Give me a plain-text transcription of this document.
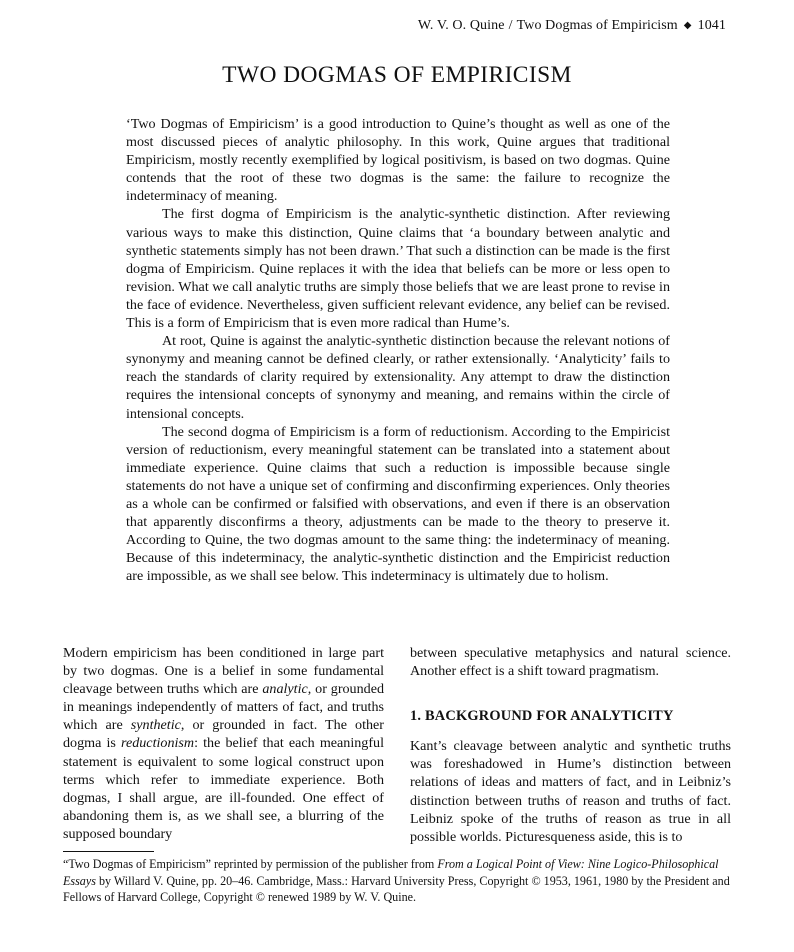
W. V. O. Quine / Two Dogmas of Empiricism ◆ 1041
TWO DOGMAS OF EMPIRICISM

‘Two Dogmas of Empiricism’ is a good introduction to Quine’s thought as well as one of the most discussed pieces of analytic philosophy. In this work, Quine argues that traditional Empiricism, mostly recently exemplified by logical positivism, is based on two dogmas. Quine contends that the root of these two dogmas is the same: the failure to recognize the indeterminacy of meaning.

The first dogma of Empiricism is the analytic-synthetic distinction. After reviewing various ways to make this distinction, Quine claims that ‘a boundary between analytic and synthetic statements simply has not been drawn.’ That such a distinction can be made is the first dogma of Empiricism. Quine replaces it with the idea that beliefs can be more or less open to revision. What we call analytic truths are simply those beliefs that we are least prone to revise in the face of evidence. Nevertheless, given sufficient relevant evidence, any belief can be revised. This is a form of Empiricism that is even more radical than Hume’s.

At root, Quine is against the analytic-synthetic distinction because the relevant notions of synonymy and meaning cannot be defined clearly, or rather extensionally. ‘Analyticity’ fails to reach the standards of clarity required by extensionality. Any attempt to draw the distinction requires the intensional concepts of synonymy and meaning, and remains within the circle of intensional concepts.

The second dogma of Empiricism is a form of reductionism. According to the Empiricist version of reductionism, every meaningful statement can be translated into a statement about immediate experience. Quine claims that such a reduction is impossible because single statements do not have a unique set of confirming and disconfirming experiences. Only theories as a whole can be confirmed or falsified with observations, and even if there is an observation that apparently disconfirms a theory, adjustments can be made to the theory to preserve it. According to Quine, the two dogmas amount to the same thing: the indeterminacy of meaning. Because of this indeterminacy, the analytic-synthetic distinction and the Empiricist reduction are impossible, as we shall see below. This indeterminacy is ultimately due to holism.

Modern empiricism has been conditioned in large part by two dogmas. One is a belief in some fundamental cleavage between truths which are analytic, or grounded in meanings independently of matters of fact, and truths which are synthetic, or grounded in fact. The other dogma is reductionism: the belief that each meaningful statement is equivalent to some logical construct upon terms which refer to immediate experience. Both dogmas, I shall argue, are ill-founded. One effect of abandoning them is, as we shall see, a blurring of the supposed boundary

between speculative metaphysics and natural science. Another effect is a shift toward pragmatism.

1. BACKGROUND FOR ANALYTICITY

Kant’s cleavage between analytic and synthetic truths was foreshadowed in Hume’s distinction between relations of ideas and matters of fact, and in Leibniz’s distinction between truths of reason and truths of fact. Leibniz spoke of the truths of reason as true in all possible worlds. Picturesqueness aside, this is to

“Two Dogmas of Empiricism” reprinted by permission of the publisher from From a Logical Point of View: Nine Logico-Philosophical Essays by Willard V. Quine, pp. 20–46. Cambridge, Mass.: Harvard University Press, Copyright © 1953, 1961, 1980 by the President and Fellows of Harvard College, Copyright © renewed 1989 by W. V. Quine.
